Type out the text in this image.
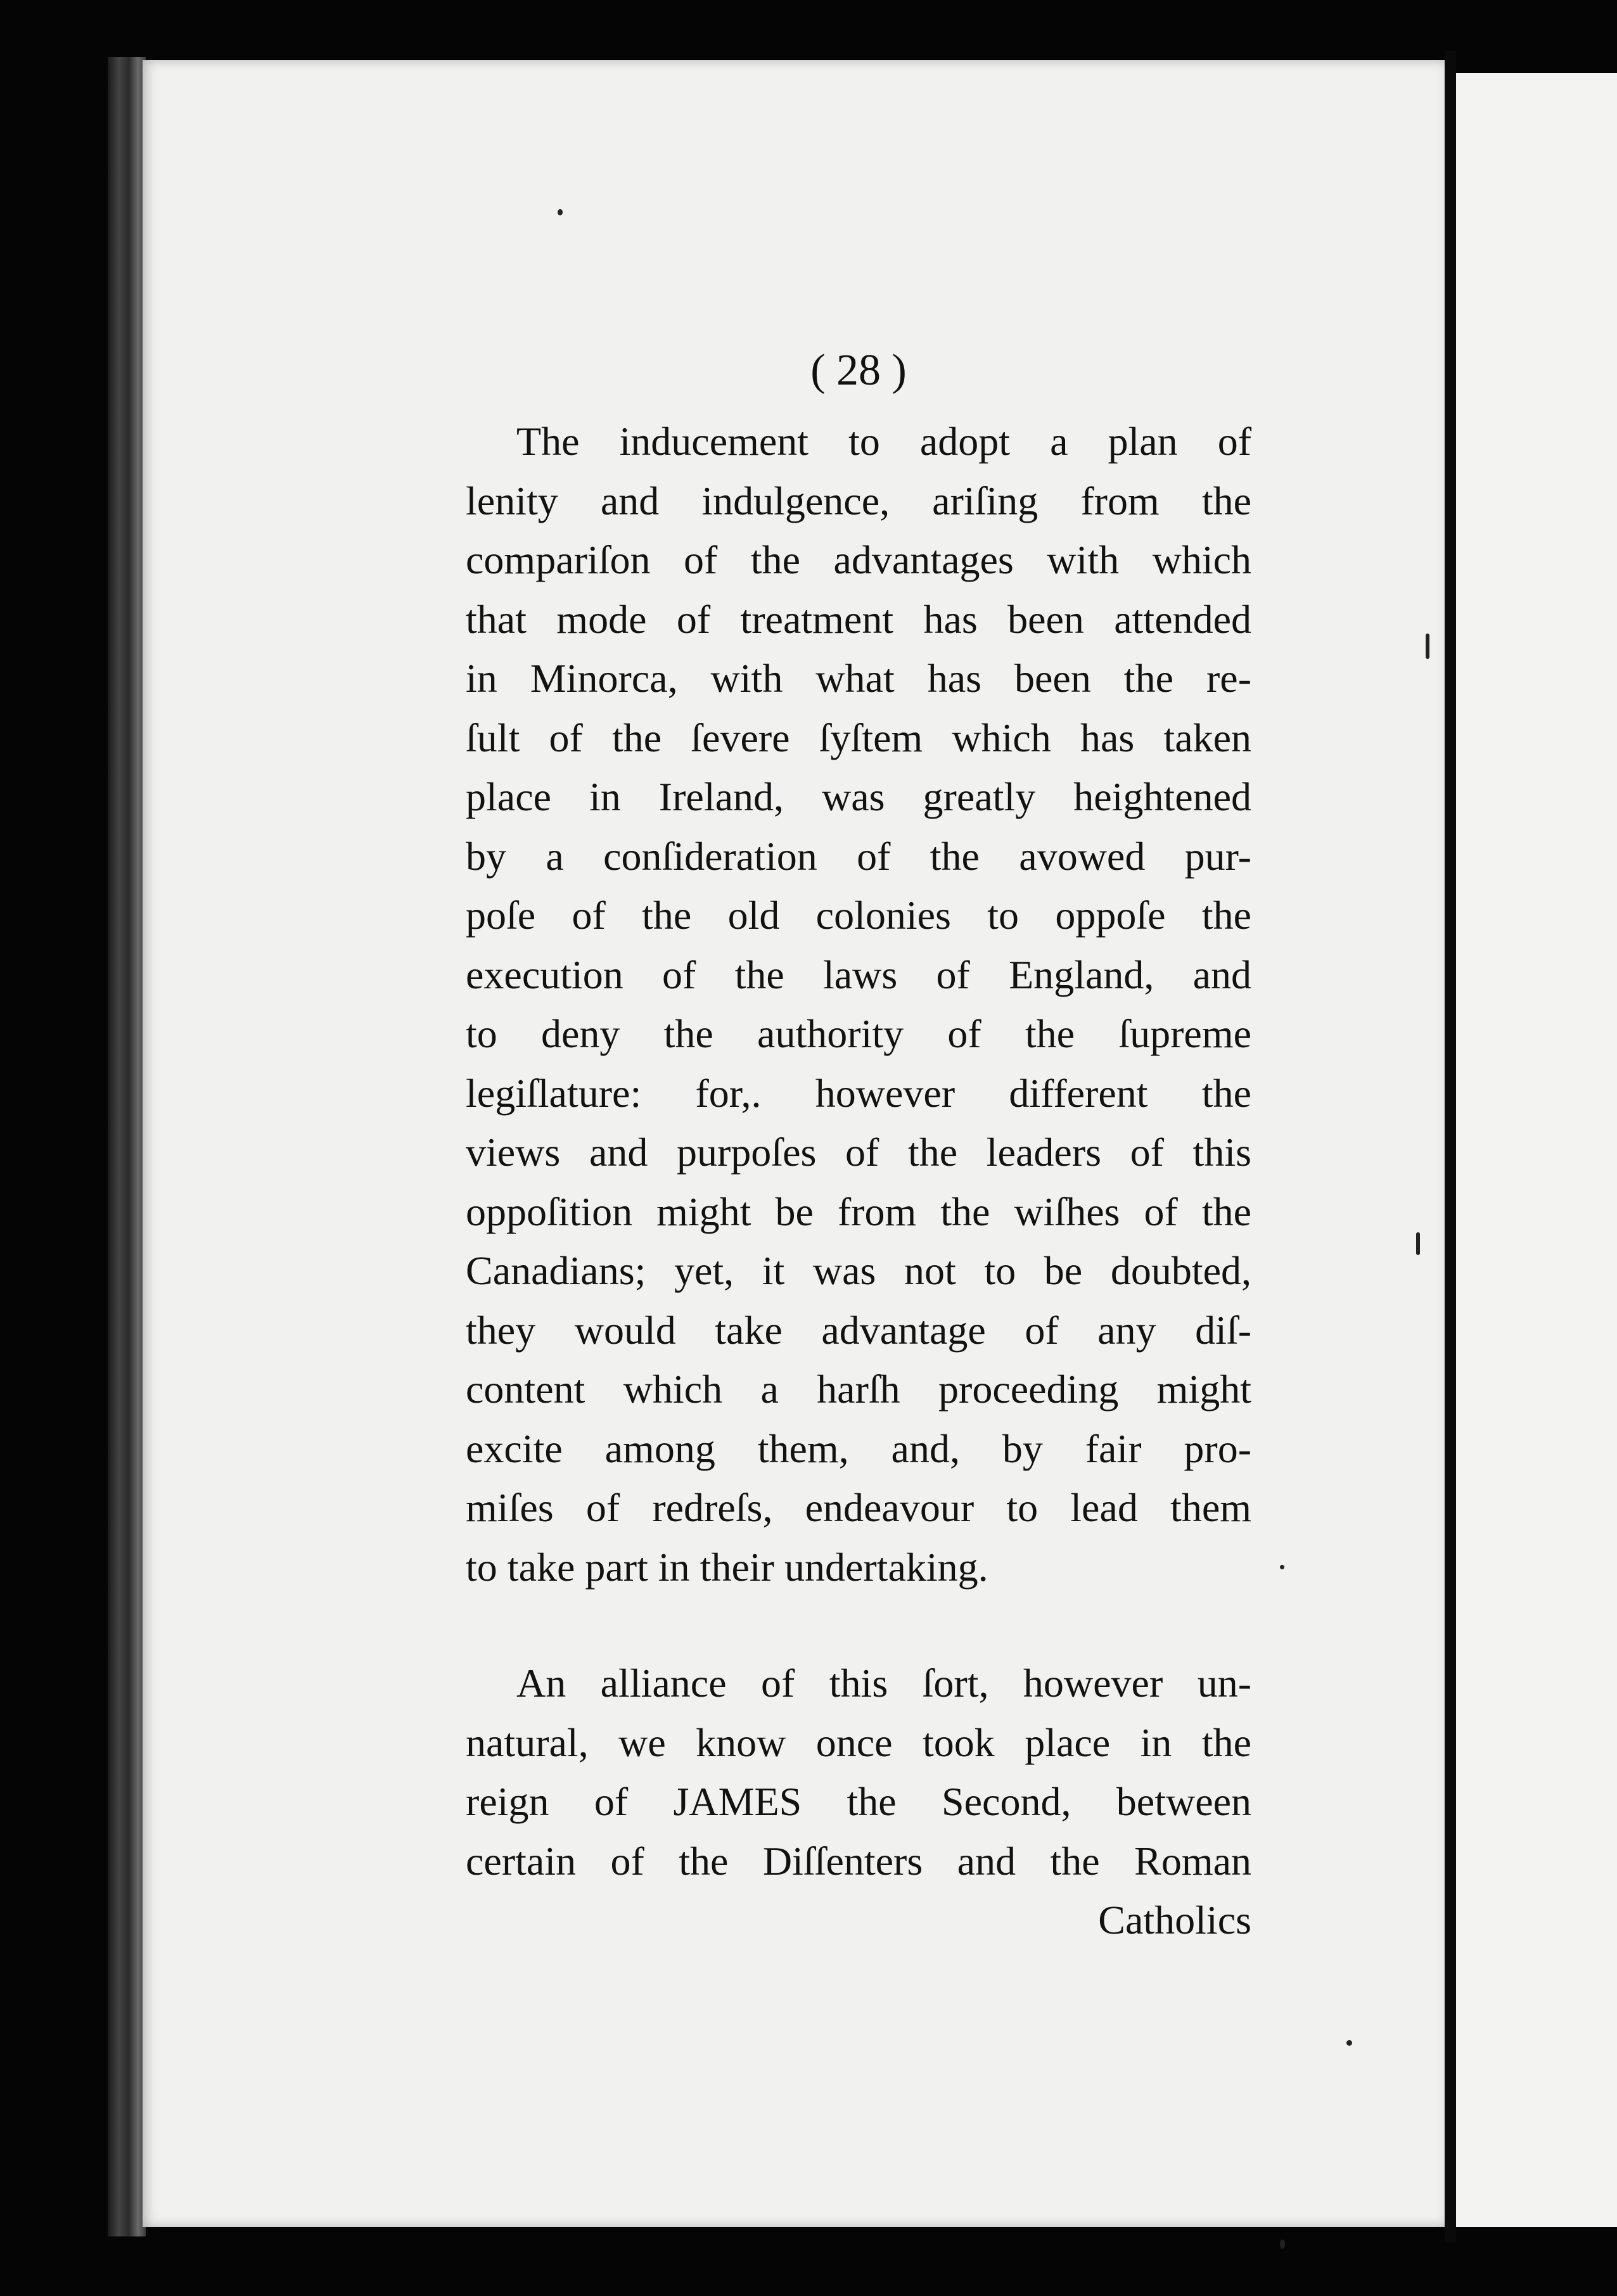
( 28 )
The inducement to adopt a plan of
lenity and indulgence, ariſing from the
compariſon of the advantages with which
that mode of treatment has been attended
in Minorca, with what has been the re-
ſult of the ſevere ſyſtem which has taken
place in Ireland, was greatly heightened
by a conſideration of the avowed pur-
poſe of the old colonies to oppoſe the
execution of the laws of England, and
to deny the authority of the ſupreme
legiſlature: for,. however different the
views and purpoſes of the leaders of this
oppoſition might be from the wiſhes of the
Canadians; yet, it was not to be doubted,
they would take advantage of any diſ-
content which a harſh proceeding might
excite among them, and, by fair pro-
miſes of redreſs, endeavour to lead them
to take part in their undertaking.
An alliance of this ſort, however un-
natural, we know once took place in the
reign of JAMES the Second, between
certain of the Diſſenters and the Roman
Catholics
